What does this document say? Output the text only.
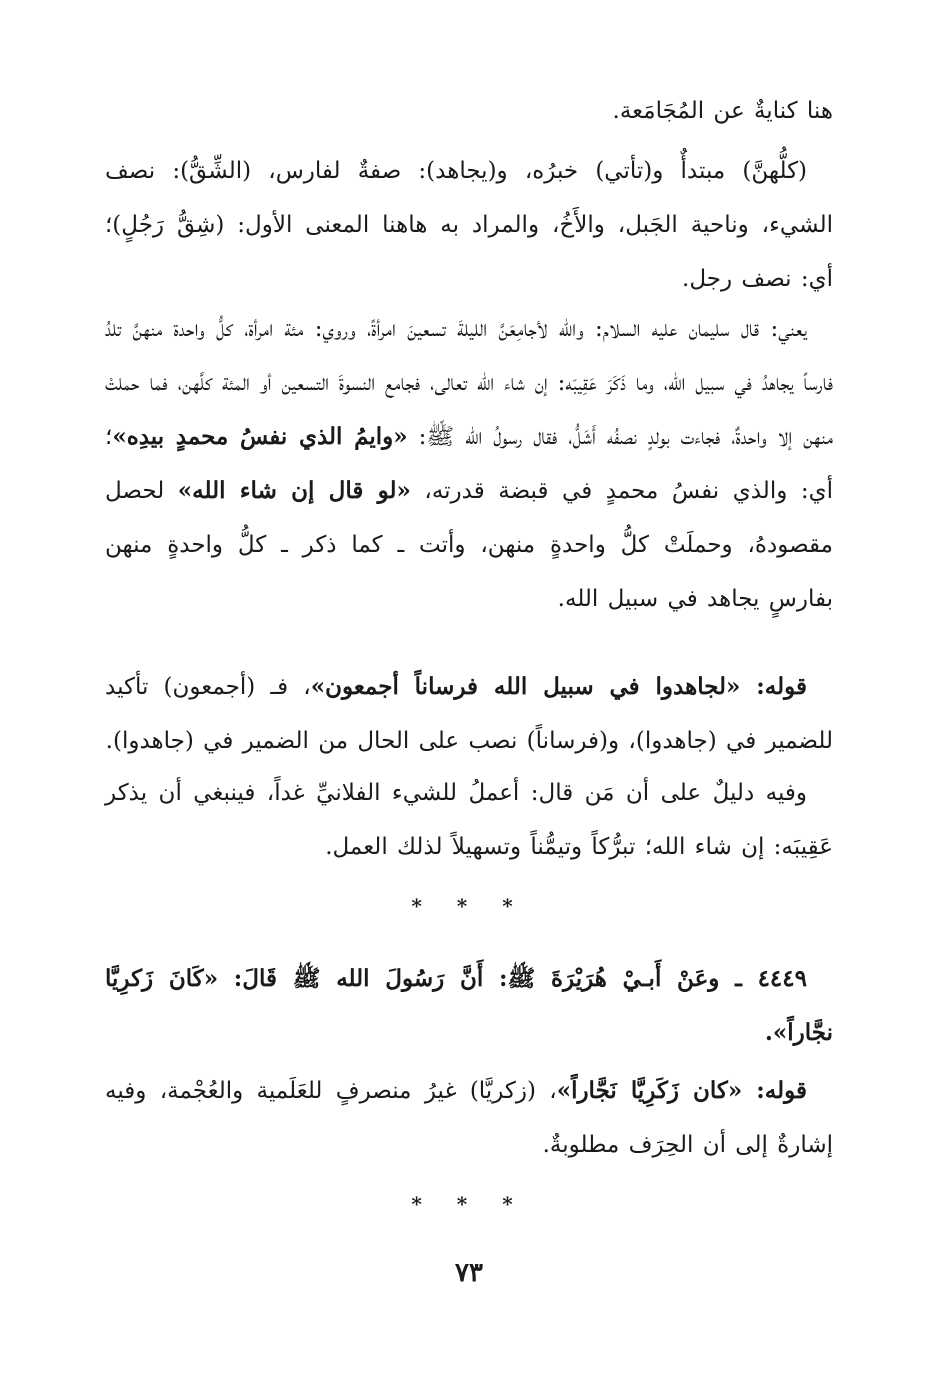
هنا كنايةٌ عن المُجَامَعة.

(كلُّهنَّ) مبتدأٌ و(تأتي) خبرُه، و(يجاهد): صفةٌ لفارس، (الشِّقُّ): نصف الشيء، وناحية الجَبل، والأَخُ، والمراد به هاهنا المعنى الأول: (شِقُّ رَجُلٍ)؛ أي: نصف رجل.

يعني: قال سليمان عليه السلام: والله لأجامِعَنَّ الليلةَ تسعينَ امرأةً، وروي: مئة امرأة، كلُّ واحدة منهنَّ تلدُ فارساً يجاهدُ في سبيل الله، وما ذَكَرَ عَقِيبَه: إن شاء الله تعالى، فجامع النسوةَ التسعين أو المئة كلَّهن، فما حملتْ منهن إلا واحدةٌ، فجاءت بولدٍ نصفُه أَشَلُّ، فقال رسولُ الله ﷺ: «وايمُ الذي نفسُ محمدٍ بيدِه»؛ أي: والذي نفسُ محمدٍ في قبضة قدرته، «لو قال إن شاء الله» لحصل مقصودهُ، وحملَتْ كلُّ واحدةٍ منهن، وأتت ـ كما ذكر ـ كلُّ واحدةٍ منهن بفارسٍ يجاهد في سبيل الله.

قوله: «لجاهدوا في سبيل الله فرساناً أجمعون»، فـ (أجمعون) تأكيد للضمير في (جاهدوا)، و(فرساناً) نصب على الحال من الضمير في (جاهدوا).

وفيه دليلٌ على أن مَن قال: أعملُ للشيء الفلانيِّ غداً، فينبغي أن يذكر عَقِيبَه: إن شاء الله؛ تبرُّكاً وتيمُّناً وتسهيلاً لذلك العمل.

* * *

٤٤٤٩ ـ وعَنْ أَبـيْ هُرَيْرَةَ ﷺ: أَنَّ رَسُولَ الله ﷺ قَالَ: «كَانَ زَكرِيَّا نجَّاراً».

قوله: «كان زَكَرِيَّا نَجَّاراً»، (زكريَّا) غيرُ منصرفٍ للعَلَمية والعُجْمة، وفيه إشارةٌ إلى أن الحِرَف مطلوبةٌ.

* * *
٧٣
